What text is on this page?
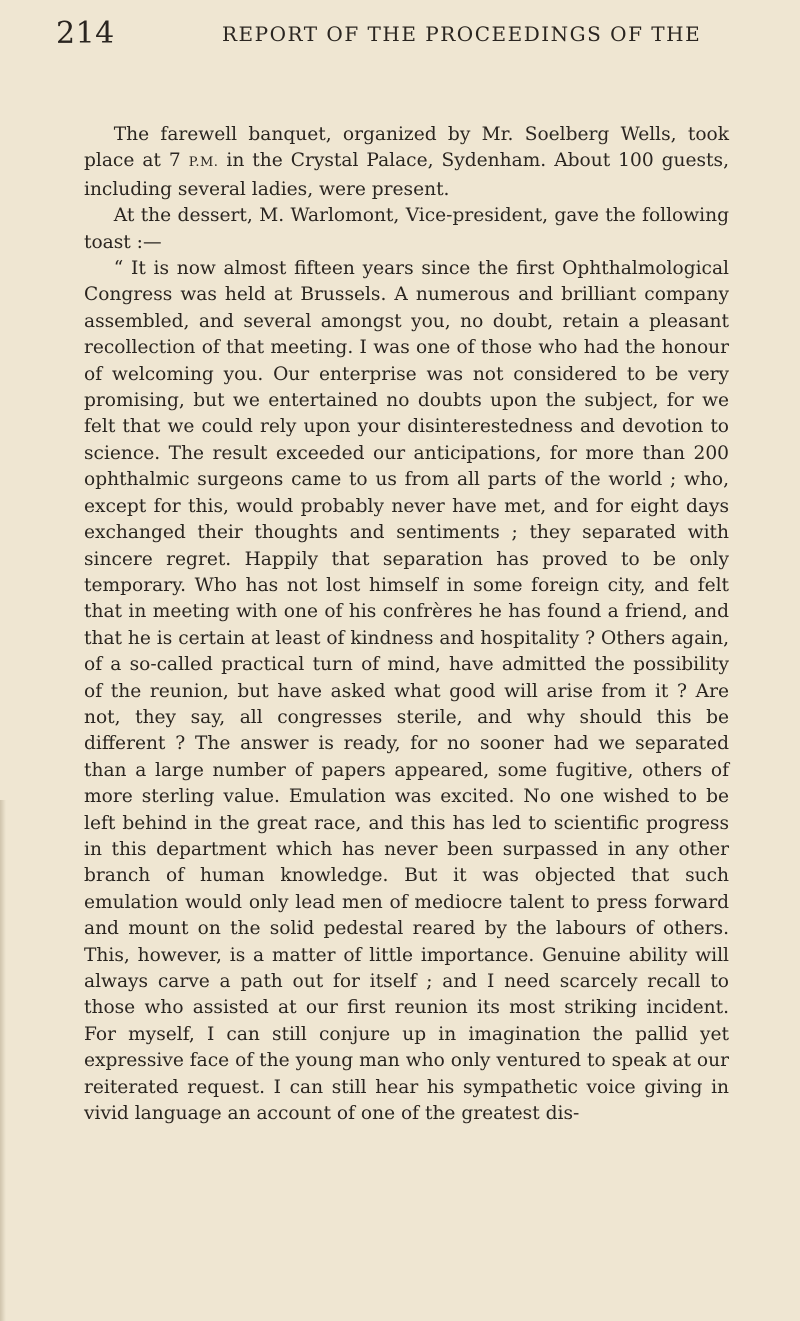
214	REPORT OF THE PROCEEDINGS OF THE

The farewell banquet, organized by Mr. Soelberg Wells, took place at 7 P.M. in the Crystal Palace, Sydenham. About 100 guests, including several ladies, were present.

At the dessert, M. Warlomont, Vice-president, gave the following toast :—

“ It is now almost fifteen years since the first Ophthalmological Congress was held at Brussels. A numerous and brilliant company assembled, and several amongst you, no doubt, retain a pleasant recollection of that meeting. I was one of those who had the honour of welcoming you. Our enterprise was not considered to be very promising, but we entertained no doubts upon the subject, for we felt that we could rely upon your disinterestedness and devotion to science. The result exceeded our anticipations, for more than 200 ophthalmic surgeons came to us from all parts of the world ; who, except for this, would probably never have met, and for eight days exchanged their thoughts and sentiments ; they separated with sincere regret. Happily that separation has proved to be only temporary. Who has not lost himself in some foreign city, and felt that in meeting with one of his confrères he has found a friend, and that he is certain at least of kindness and hospitality ? Others again, of a so-called practical turn of mind, have admitted the possibility of the reunion, but have asked what good will arise from it ? Are not, they say, all congresses sterile, and why should this be different ? The answer is ready, for no sooner had we separated than a large number of papers appeared, some fugitive, others of more sterling value. Emulation was excited. No one wished to be left behind in the great race, and this has led to scientific progress in this department which has never been surpassed in any other branch of human knowledge. But it was objected that such emulation would only lead men of mediocre talent to press forward and mount on the solid pedestal reared by the labours of others. This, however, is a matter of little importance. Genuine ability will always carve a path out for itself ; and I need scarcely recall to those who assisted at our first reunion its most striking incident. For myself, I can still conjure up in imagination the pallid yet expressive face of the young man who only ventured to speak at our reiterated request. I can still hear his sympathetic voice giving in vivid language an account of one of the greatest dis-
